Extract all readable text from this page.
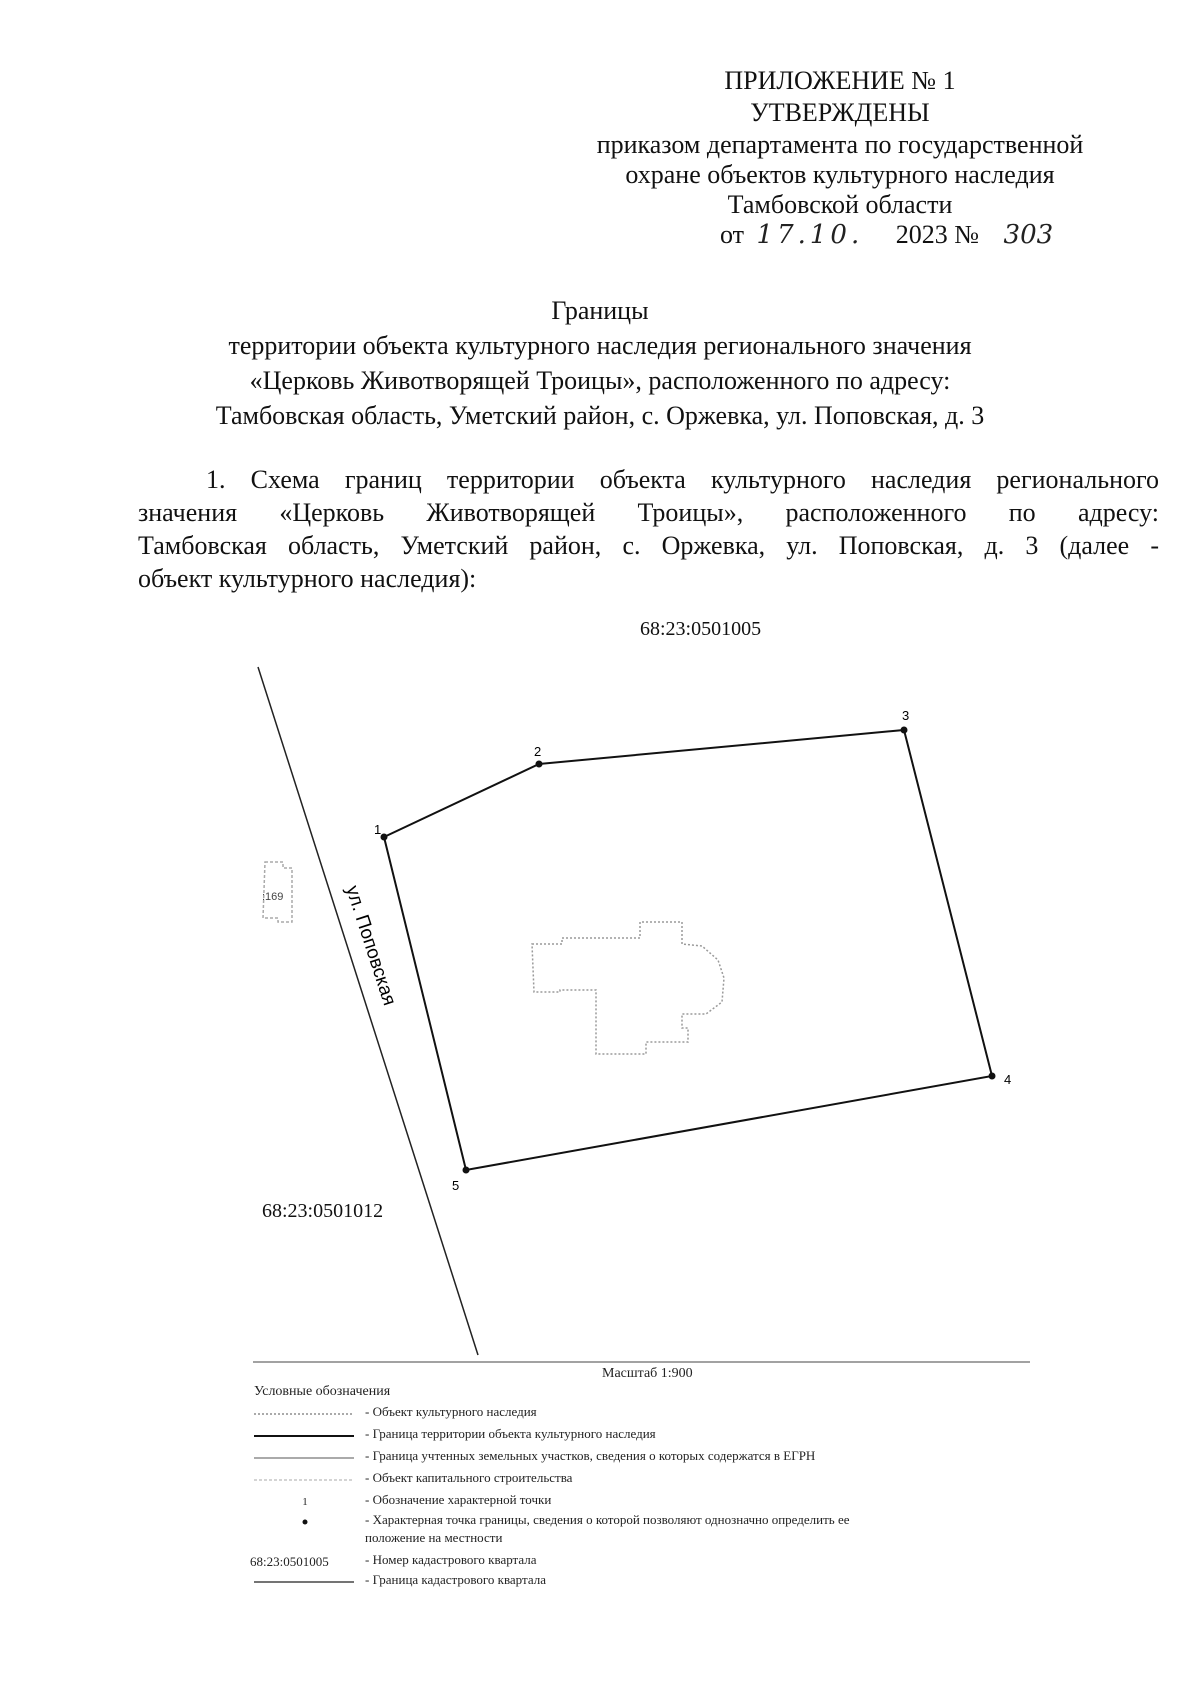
ПРИЛОЖЕНИЕ № 1
УТВЕРЖДЕНЫ
приказом департамента по государственной
охране объектов культурного наследия
Тамбовской области
от 17.10. 2023 № 303
Границы
территории объекта культурного наследия регионального значения
«Церковь Животворящей Троицы», расположенного по адресу:
Тамбовская область, Уметский район, с. Оржевка, ул. Поповская, д. 3
1. Схема границ территории объекта культурного наследия регионального
значения «Церковь Животворящей Троицы», расположенного по адресу:
Тамбовская область, Уметский район, с. Оржевка, ул. Поповская, д. 3 (далее -
объект культурного наследия):
68:23:0501005
68:23:0501012
1
2
3
4
5
:169	ул. Поповская
Масштаб 1:900
Условные обозначения
- Объект культурного наследия
- Граница территории объекта культурного наследия
- Граница учтенных земельных участков, сведения о которых содержатся в ЕГРН
- Объект капитального строительства
1	- Обозначение характерной точки
- Характерная точка границы, сведения о которой позволяют однозначно определить ее
положение на местности
68:23:0501005	- Номер кадастрового квартала
- Граница кадастрового квартала
